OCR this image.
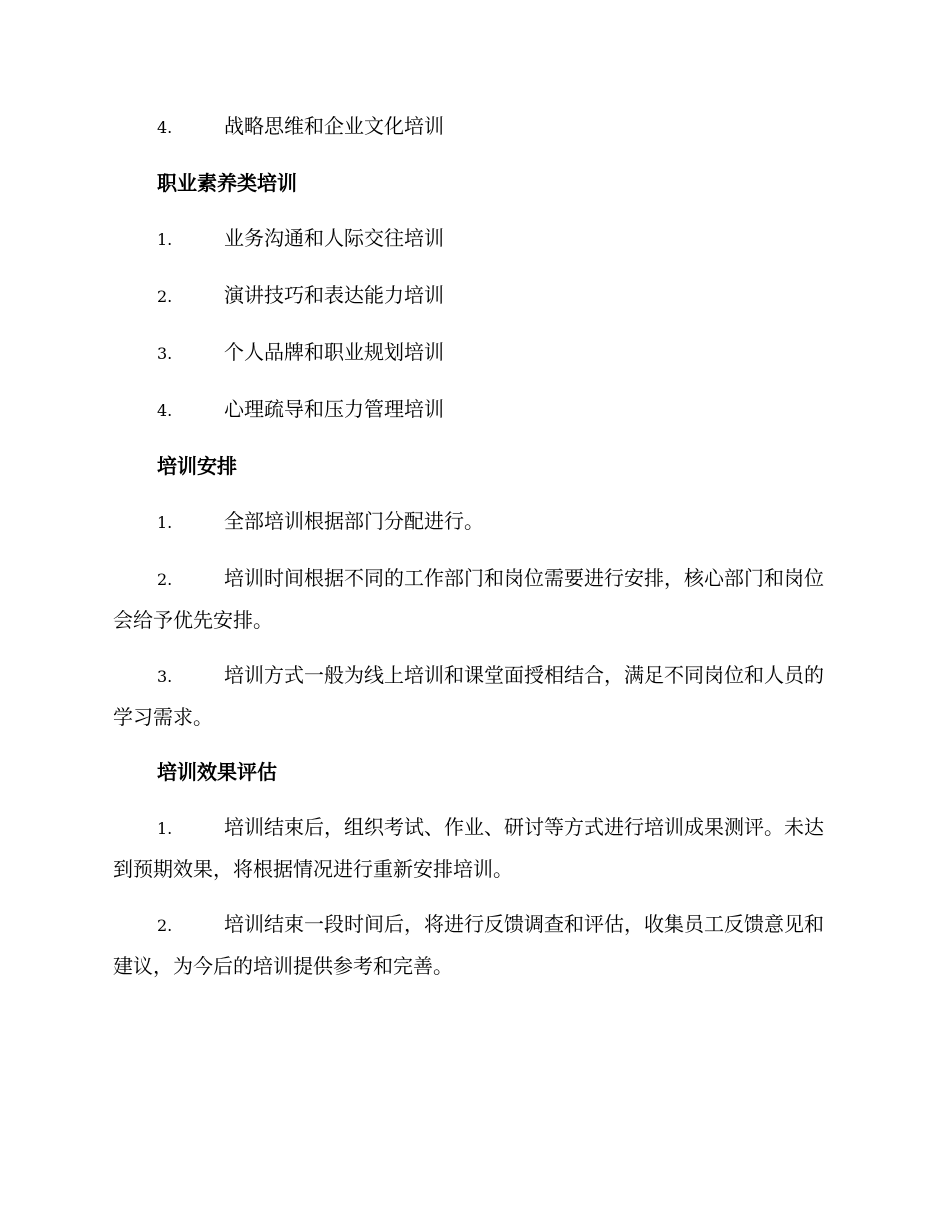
4.	战略思维和企业文化培训

职业素养类培训

1.	业务沟通和人际交往培训

2.	演讲技巧和表达能力培训

3.	个人品牌和职业规划培训

4.	心理疏导和压力管理培训

培训安排

1.	全部培训根据部门分配进行。

2.	培训时间根据不同的工作部门和岗位需要进行安排，核心部门和岗位会给予优先安排。

3.	培训方式一般为线上培训和课堂面授相结合，满足不同岗位和人员的学习需求。

培训效果评估

1.	培训结束后，组织考试、作业、研讨等方式进行培训成果测评。未达到预期效果，将根据情况进行重新安排培训。

2.	培训结束一段时间后，将进行反馈调查和评估，收集员工反馈意见和建议，为今后的培训提供参考和完善。
